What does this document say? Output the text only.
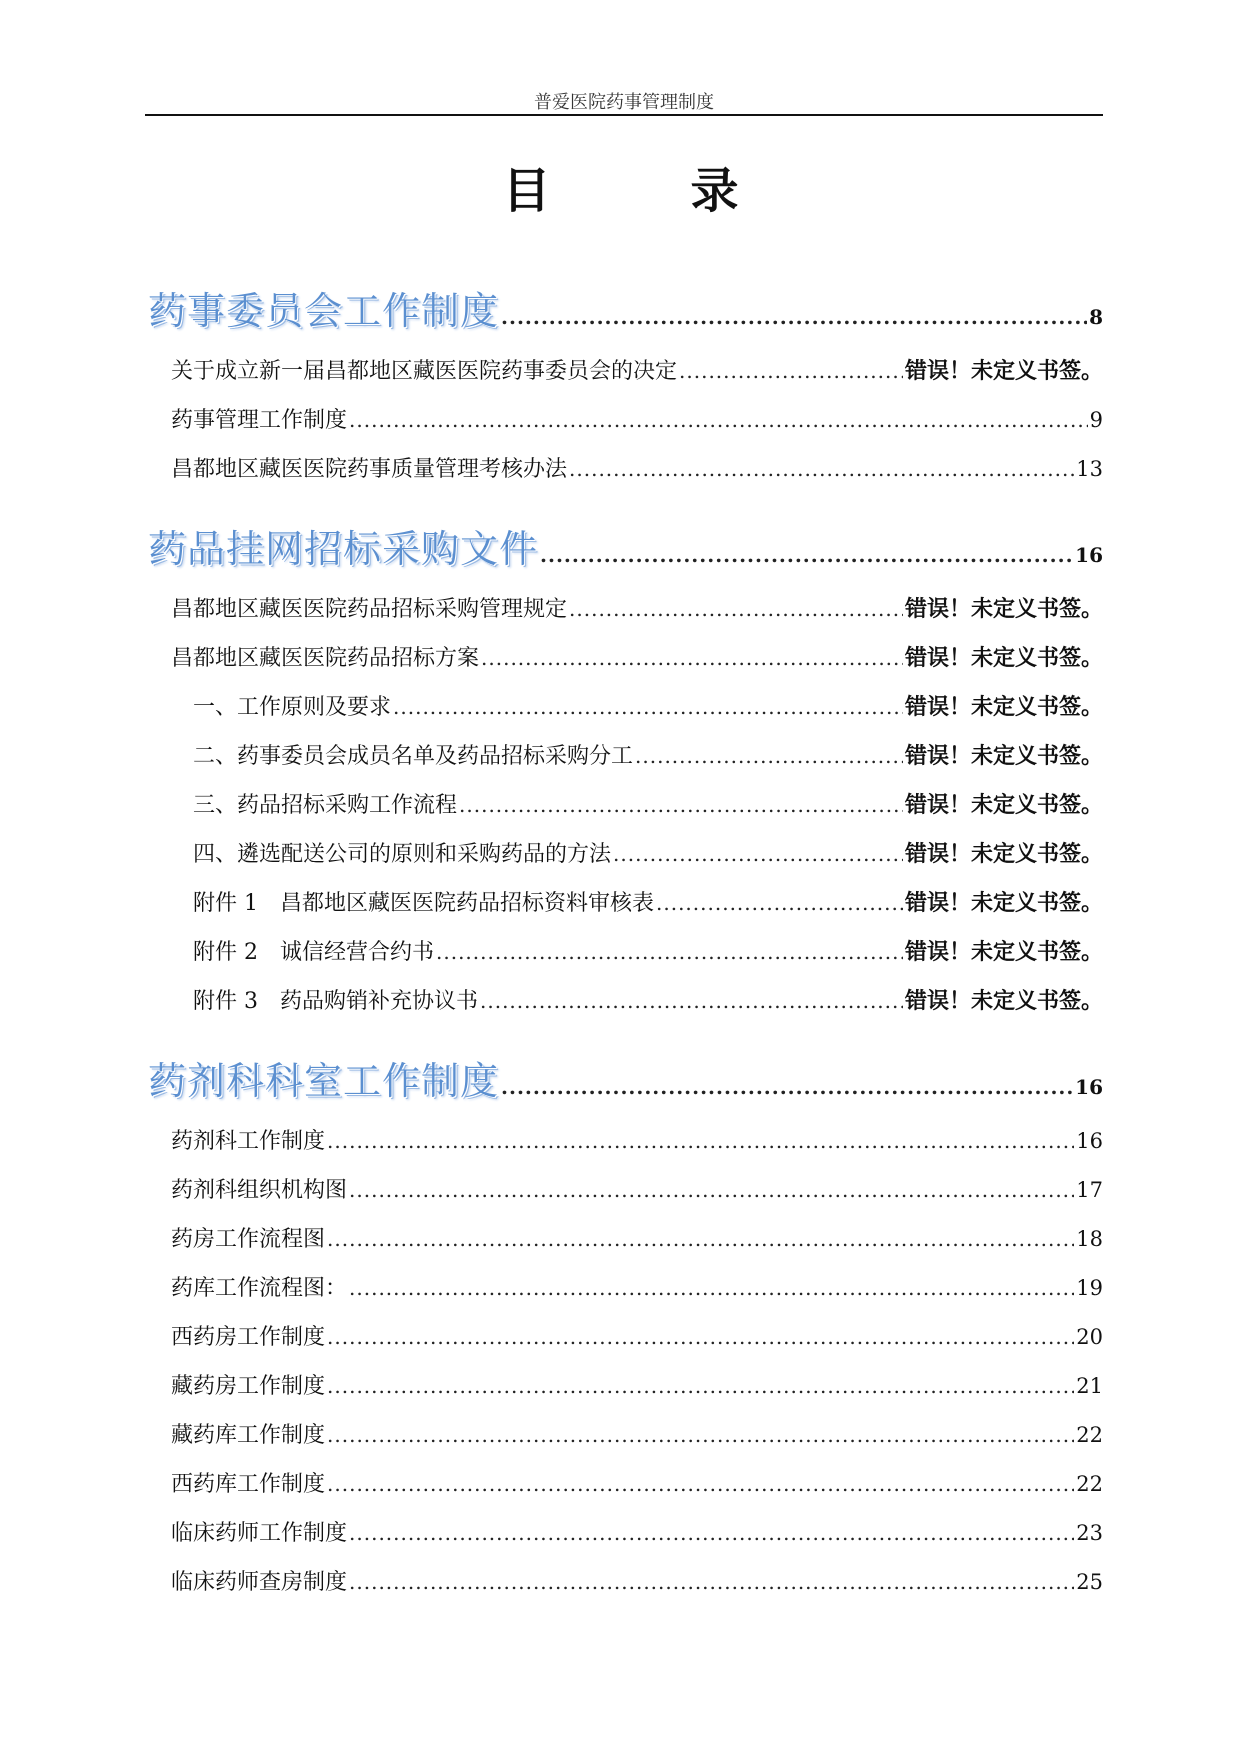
普爱医院药事管理制度
目录
药事委员会工作制度 .....	8
关于成立新一届昌都地区藏医医院药事委员会的决定 .....	错误！未定义书签。
药事管理工作制度 .....	9
昌都地区藏医医院药事质量管理考核办法 .....	13
药品挂网招标采购文件 .....	16
昌都地区藏医医院药品招标采购管理规定 .....	错误！未定义书签。
昌都地区藏医医院药品招标方案 .....	错误！未定义书签。
一、工作原则及要求 .....	错误！未定义书签。
二、药事委员会成员名单及药品招标采购分工 .....	错误！未定义书签。
三、药品招标采购工作流程 .....	错误！未定义书签。
四、遴选配送公司的原则和采购药品的方法 .....	错误！未定义书签。
附件 1　昌都地区藏医医院药品招标资料审核表 .....	错误！未定义书签。
附件 2　诚信经营合约书 .....	错误！未定义书签。
附件 3　药品购销补充协议书 .....	错误！未定义书签。
药剂科科室工作制度 .....	16
药剂科工作制度 .....	16
药剂科组织机构图 .....	17
药房工作流程图 .....	18
药库工作流程图： .....	19
西药房工作制度 .....	20
藏药房工作制度 .....	21
藏药库工作制度 .....	22
西药库工作制度 .....	22
临床药师工作制度 .....	23
临床药师查房制度 .....	25
